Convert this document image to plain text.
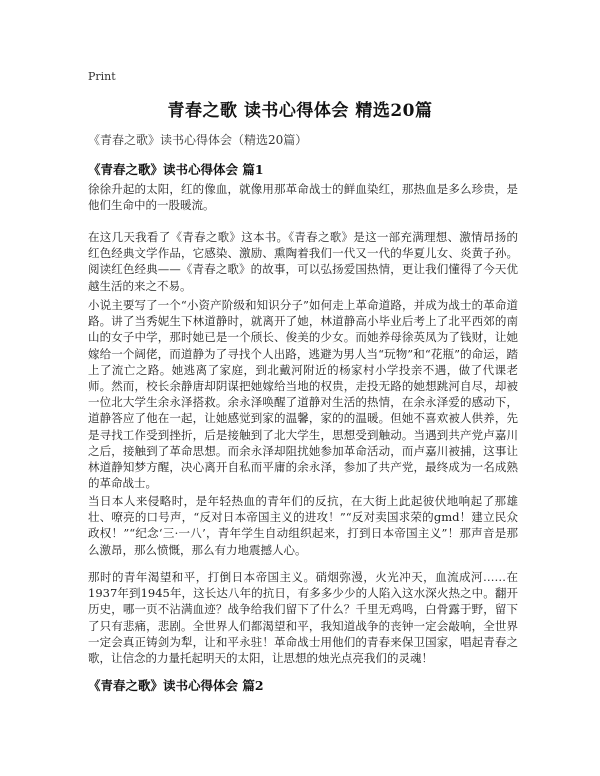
Print
青春之歌 读书心得体会 精选20篇
《青春之歌》读书心得体会（精选20篇）
《青春之歌》读书心得体会 篇1

徐徐升起的太阳，红的像血，就像用那革命战士的鲜血染红，那热血是多么珍贵，是他们生命中的一股暖流。

在这几天我看了《青春之歌》这本书。《青春之歌》是这一部充满理想、激情昂扬的红色经典文学作品，它感染、激励、熏陶着我们一代又一代的华夏儿女、炎黄子孙。阅读红色经典——《青春之歌》的故事，可以弘扬爱国热情，更让我们懂得了今天优越生活的来之不易。

小说主要写了一个“小资产阶级和知识分子”如何走上革命道路，并成为战士的革命道路。讲了当秀妮生下林道静时，就离开了她，林道静高小毕业后考上了北平西郊的南山的女子中学，那时她已是一个颀长、俊美的少女。而她养母徐英凤为了钱财，让她嫁给一个阔佬，而道静为了寻找个人出路，逃避为男人当“玩物”和“花瓶”的命运，踏上了流亡之路。她逃离了家庭，到北戴河附近的杨家村小学投亲不遇，做了代课老师。然而，校长余静唐却阴谋把她嫁给当地的权贵，走投无路的她想跳河自尽，却被一位北大学生余永泽搭救。余永泽唤醒了道静对生活的热情，在余永泽爱的感动下，道静答应了他在一起，让她感觉到家的温馨，家的的温暖。但她不喜欢被人供养，先是寻找工作受到挫折，后是接触到了北大学生，思想受到触动。当遇到共产党卢嘉川之后，接触到了革命思想。而余永泽却阻扰她参加革命活动，而卢嘉川被捕，这事让林道静知梦方醒，决心离开自私而平庸的余永泽，参加了共产党，最终成为一名成熟的革命战士。

当日本人来侵略时，是年轻热血的青年们的反抗，在大街上此起彼伏地响起了那雄壮、嘹亮的口号声，“反对日本帝国主义的进攻！”“反对卖国求荣的gmd！建立民众政权！”“纪念‘三·一八’，青年学生自动组织起来，打到日本帝国主义”！那声音是那么激昂，那么愤慨，那么有力地震撼人心。

那时的青年渴望和平，打倒日本帝国主义。硝烟弥漫，火光冲天，血流成河……在1937年到1945年，这长达八年的抗日，有多多少少的人陷入这水深火热之中。翻开历史，哪一页不沾满血迹？战争给我们留下了什么？千里无鸡鸣，白骨露于野，留下了只有悲痛，悲剧。全世界人们都渴望和平，我知道战争的丧钟一定会敲响，全世界一定会真正铸剑为犁，让和平永驻！革命战士用他们的青春来保卫国家，唱起青春之歌，让信念的力量托起明天的太阳，让思想的烛光点亮我们的灵魂！

《青春之歌》读书心得体会 篇2
